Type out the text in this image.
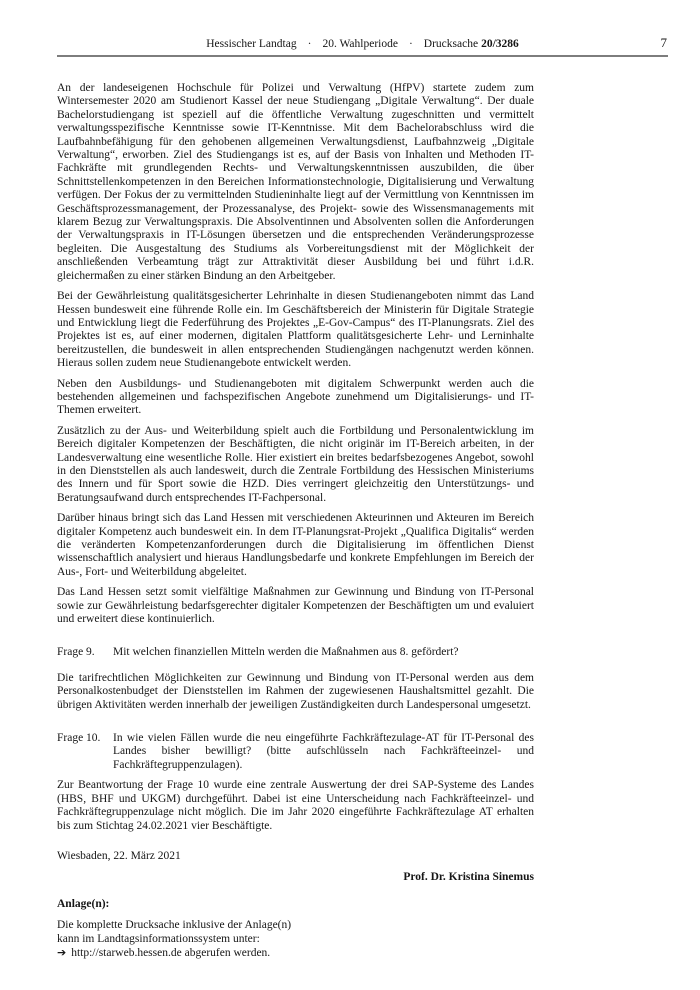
Hessischer Landtag · 20. Wahlperiode · Drucksache 20/3286	7

An der landeseigenen Hochschule für Polizei und Verwaltung (HfPV) startete zudem zum Wintersemester 2020 am Studienort Kassel der neue Studiengang „Digitale Verwaltung“. Der duale Bachelorstudiengang ist speziell auf die öffentliche Verwaltung zugeschnitten und vermittelt verwaltungsspezifische Kenntnisse sowie IT-Kenntnisse. Mit dem Bachelorabschluss wird die Laufbahnbefähigung für den gehobenen allgemeinen Verwaltungsdienst, Laufbahnzweig „Digitale Verwaltung“, erworben. Ziel des Studiengangs ist es, auf der Basis von Inhalten und Methoden IT-Fachkräfte mit grundlegenden Rechts- und Verwaltungskenntnissen auszubilden, die über Schnittstellenkompetenzen in den Bereichen Informationstechnologie, Digitalisierung und Verwaltung verfügen. Der Fokus der zu vermittelnden Studieninhalte liegt auf der Vermittlung von Kenntnissen im Geschäftsprozessmanagement, der Prozessanalyse, des Projekt- sowie des Wissensmanagements mit klarem Bezug zur Verwaltungspraxis. Die Absolventinnen und Absolventen sollen die Anforderungen der Verwaltungspraxis in IT-Lösungen übersetzen und die entsprechenden Veränderungsprozesse begleiten. Die Ausgestaltung des Studiums als Vorbereitungsdienst mit der Möglichkeit der anschließenden Verbeamtung trägt zur Attraktivität dieser Ausbildung bei und führt i.d.R. gleichermaßen zu einer stärken Bindung an den Arbeitgeber.

Bei der Gewährleistung qualitätsgesicherter Lehrinhalte in diesen Studienangeboten nimmt das Land Hessen bundesweit eine führende Rolle ein. Im Geschäftsbereich der Ministerin für Digitale Strategie und Entwicklung liegt die Federführung des Projektes „E-Gov-Campus“ des IT-Planungsrats. Ziel des Projektes ist es, auf einer modernen, digitalen Plattform qualitätsgesicherte Lehr- und Lerninhalte bereitzustellen, die bundesweit in allen entsprechenden Studiengängen nachgenutzt werden können. Hieraus sollen zudem neue Studienangebote entwickelt werden.

Neben den Ausbildungs- und Studienangeboten mit digitalem Schwerpunkt werden auch die bestehenden allgemeinen und fachspezifischen Angebote zunehmend um Digitalisierungs- und IT-Themen erweitert.

Zusätzlich zu der Aus- und Weiterbildung spielt auch die Fortbildung und Personalentwicklung im Bereich digitaler Kompetenzen der Beschäftigten, die nicht originär im IT-Bereich arbeiten, in der Landesverwaltung eine wesentliche Rolle. Hier existiert ein breites bedarfsbezogenes Angebot, sowohl in den Dienststellen als auch landesweit, durch die Zentrale Fortbildung des Hessischen Ministeriums des Innern und für Sport sowie die HZD. Dies verringert gleichzeitig den Unterstützungs- und Beratungsaufwand durch entsprechendes IT-Fachpersonal.

Darüber hinaus bringt sich das Land Hessen mit verschiedenen Akteurinnen und Akteuren im Bereich digitaler Kompetenz auch bundesweit ein. In dem IT-Planungsrat-Projekt „Qualifica Digitalis“ werden die veränderten Kompetenzanforderungen durch die Digitalisierung im öffentlichen Dienst wissenschaftlich analysiert und hieraus Handlungsbedarfe und konkrete Empfehlungen im Bereich der Aus-, Fort- und Weiterbildung abgeleitet.

Das Land Hessen setzt somit vielfältige Maßnahmen zur Gewinnung und Bindung von IT-Personal sowie zur Gewährleistung bedarfsgerechter digitaler Kompetenzen der Beschäftigten um und evaluiert und erweitert diese kontinuierlich.

Frage 9. Mit welchen finanziellen Mitteln werden die Maßnahmen aus 8. gefördert?

Die tarifrechtlichen Möglichkeiten zur Gewinnung und Bindung von IT-Personal werden aus dem Personalkostenbudget der Dienststellen im Rahmen der zugewiesenen Haushaltsmittel gezahlt. Die übrigen Aktivitäten werden innerhalb der jeweiligen Zuständigkeiten durch Landespersonal umgesetzt.

Frage 10. In wie vielen Fällen wurde die neu eingeführte Fachkräftezulage-AT für IT-Personal des Landes bisher bewilligt? (bitte aufschlüsseln nach Fachkräfteeinzel- und Fachkräftegruppenzulagen).

Zur Beantwortung der Frage 10 wurde eine zentrale Auswertung der drei SAP-Systeme des Landes (HBS, BHF und UKGM) durchgeführt. Dabei ist eine Unterscheidung nach Fachkräfteeinzel- und Fachkräftegruppenzulage nicht möglich. Die im Jahr 2020 eingeführte Fachkräftezulage AT erhalten bis zum Stichtag 24.02.2021 vier Beschäftigte.

Wiesbaden, 22. März 2021

Prof. Dr. Kristina Sinemus

Anlage(n):

Die komplette Drucksache inklusive der Anlage(n)

kann im Landtagsinformationssystem unter:

➔ http://starweb.hessen.de abgerufen werden.
